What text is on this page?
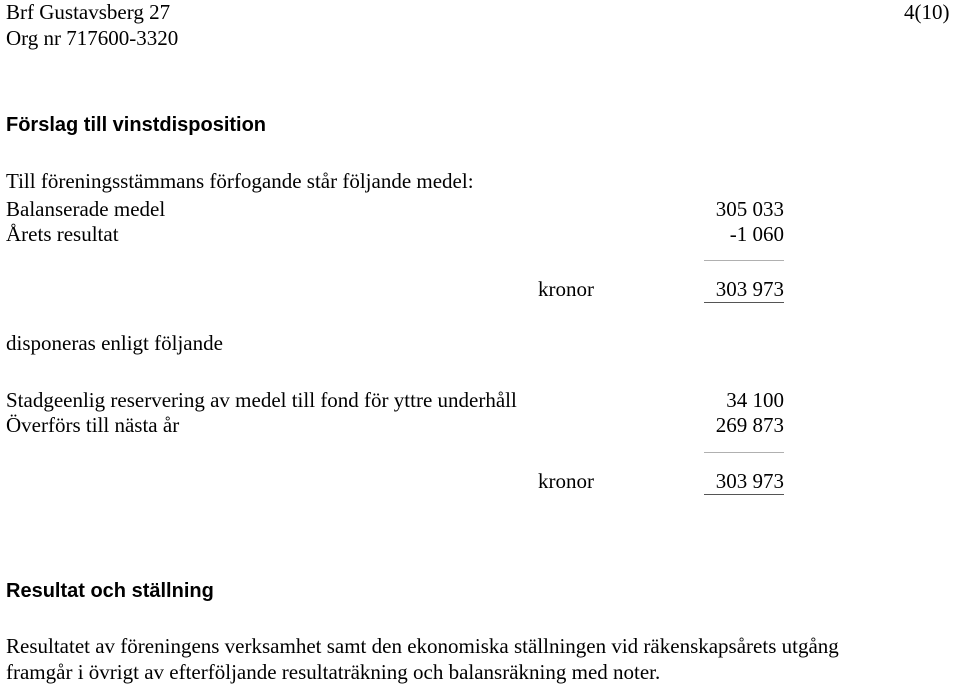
Brf Gustavsberg 27
Org nr 717600-3320
4(10)
Förslag till vinstdisposition
Till föreningsstämmans förfogande står följande medel:
Balanserade medel	305 033
Årets resultat	-1 060
kronor	303 973
disponeras enligt följande
Stadgeenlig reservering av medel till fond för yttre underhåll	34 100
Överförs till nästa år	269 873
kronor	303 973
Resultat och ställning
Resultatet av föreningens verksamhet samt den ekonomiska ställningen vid räkenskapsårets utgång
framgår i övrigt av efterföljande resultaträkning och balansräkning med noter.
